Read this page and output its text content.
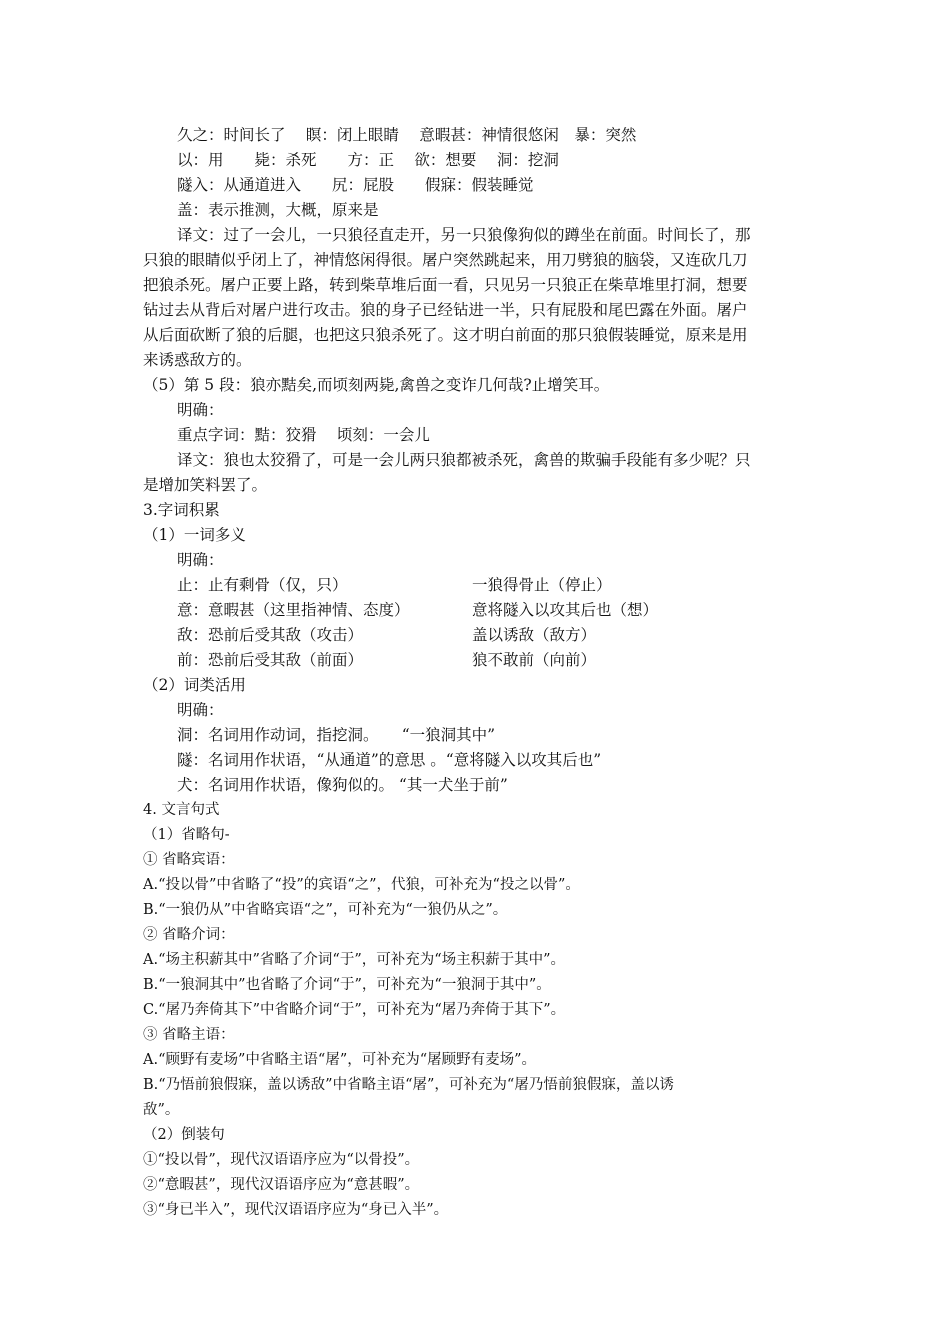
久之：时间长了　 瞑：闭上眼睛　 意暇甚：神情很悠闲　暴：突然
以：用　　毙：杀死　　方：正　 欲：想要　 洞：挖洞
隧入：从通道进入　　尻：屁股　　假寐：假装睡觉
盖：表示推测，大概，原来是
译文：过了一会儿，一只狼径直走开，另一只狼像狗似的蹲坐在前面。时间长了，那
只狼的眼睛似乎闭上了，神情悠闲得很。屠户突然跳起来，用刀劈狼的脑袋，又连砍几刀
把狼杀死。屠户正要上路，转到柴草堆后面一看，只见另一只狼正在柴草堆里打洞，想要
钻过去从背后对屠户进行攻击。狼的身子已经钻进一半，只有屁股和尾巴露在外面。屠户
从后面砍断了狼的后腿，也把这只狼杀死了。这才明白前面的那只狼假装睡觉，原来是用
来诱惑敌方的。
（5）第 5 段：狼亦黠矣,而顷刻两毙,禽兽之变诈几何哉?止增笑耳。
明确：
重点字词：黠：狡猾　 顷刻：一会儿
译文：狼也太狡猾了，可是一会儿两只狼都被杀死，禽兽的欺骗手段能有多少呢？只
是增加笑料罢了。
3.字词积累
（1）一词多义
明确：
止：止有剩骨（仅，只）	一狼得骨止（停止）
意：意暇甚（这里指神情、态度）	意将隧入以攻其后也（想）
敌：恐前后受其敌（攻击）	盖以诱敌（敌方）
前：恐前后受其敌（前面）	狼不敢前（向前）
（2）词类活用
明确：
洞：名词用作动词，指挖洞。　　“一狼洞其中”
隧：名词用作状语，“从通道”的意思 。“意将隧入以攻其后也”
犬：名词用作状语，像狗似的。 “其一犬坐于前”
4. 文言句式
（1）省略句-
① 省略宾语：
A.“投以骨”中省略了“投”的宾语“之”，代狼，可补充为“投之以骨”。
B.“一狼仍从”中省略宾语“之”，可补充为“一狼仍从之”。
② 省略介词：
A.“场主积薪其中”省略了介词“于”，可补充为“场主积薪于其中”。
B.“一狼洞其中”也省略了介词“于”，可补充为“一狼洞于其中”。
C.“屠乃奔倚其下”中省略介词“于”，可补充为“屠乃奔倚于其下”。
③ 省略主语：
A.“顾野有麦场”中省略主语“屠”，可补充为“屠顾野有麦场”。
B.“乃悟前狼假寐，盖以诱敌”中省略主语“屠”，可补充为“屠乃悟前狼假寐，盖以诱
敌”。
（2）倒装句
①“投以骨”，现代汉语语序应为“以骨投”。
②“意暇甚”，现代汉语语序应为“意甚暇”。
③“身已半入”，现代汉语语序应为“身已入半”。
